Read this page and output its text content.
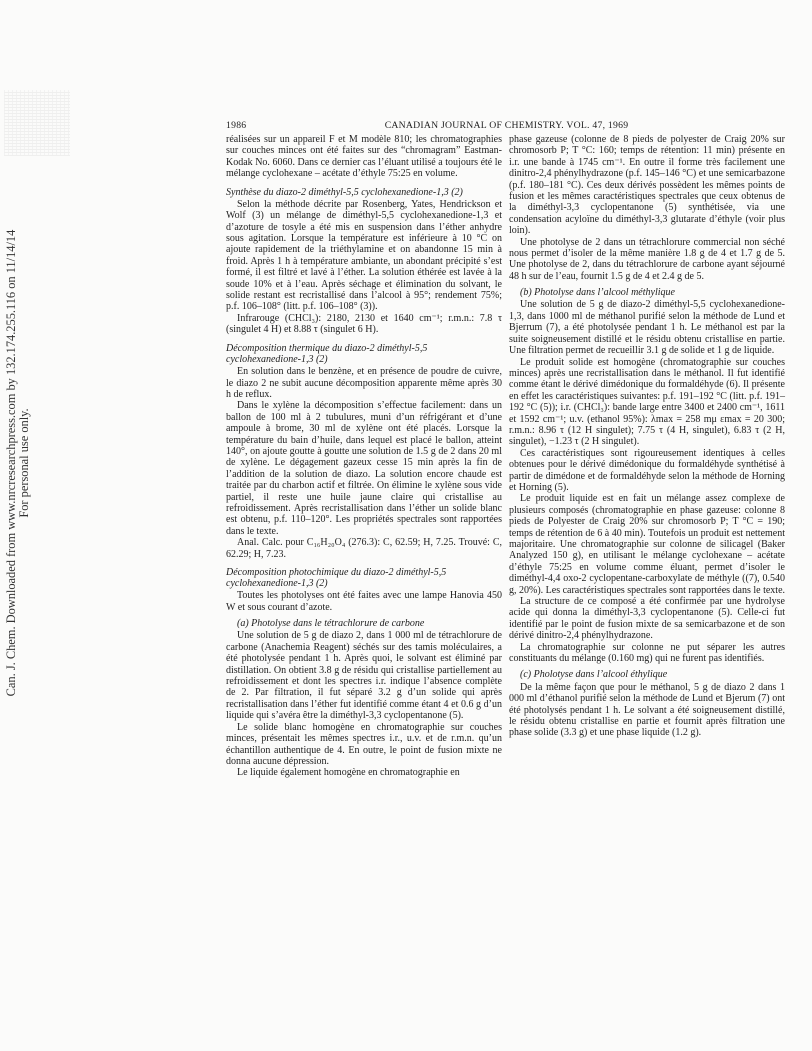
Can. J. Chem. Downloaded from www.nrcresearchpress.com by 132.174.255.116 on 11/14/14 For personal use only.
1986	CANADIAN JOURNAL OF CHEMISTRY. VOL. 47, 1969

réalisées sur un appareil F et M modèle 810; les chromatographies sur couches minces ont été faites sur des “chromagram” Eastman-Kodak No. 6060. Dans ce dernier cas l’éluant utilisé a toujours été le mélange cyclohexane – acétate d’éthyle 75:25 en volume.

Synthèse du diazo-2 diméthyl-5,5 cyclohexanedione-1,3 (2)

Selon la méthode décrite par Rosenberg, Yates, Hendrickson et Wolf (3) un mélange de diméthyl-5,5 cyclohexanedione-1,3 et d’azoture de tosyle a été mis en suspension dans l’éther anhydre sous agitation. Lorsque la température est inférieure à 10 °C on ajoute rapidement de la triéthylamine et on abandonne 15 min à froid. Après 1 h à température ambiante, un abondant précipité s’est formé, il est filtré et lavé à l’éther. La solution éthérée est lavée à la soude 10% et à l’eau. Après séchage et élimination du solvant, le solide restant est recristallisé dans l’alcool à 95°; rendement 75%; p.f. 106–108° (litt. p.f. 106–108° (3)).

Infrarouge (CHCl₃): 2180, 2130 et 1640 cm⁻¹; r.m.n.: 7.8 τ (singulet 4 H) et 8.88 τ (singulet 6 H).

Décomposition thermique du diazo-2 diméthyl-5,5 cyclohexanedione-1,3 (2)

En solution dans le benzène, et en présence de poudre de cuivre, le diazo 2 ne subit aucune décomposition apparente même après 30 h de reflux.

Dans le xylène la décomposition s’effectue facilement: dans un ballon de 100 ml à 2 tubulures, muni d’un réfrigérant et d’une ampoule à brome, 30 ml de xylène ont été placés. Lorsque la température du bain d’huile, dans lequel est placé le ballon, atteint 140°, on ajoute goutte à goutte une solution de 1.5 g de 2 dans 20 ml de xylène. Le dégagement gazeux cesse 15 min après la fin de l’addition de la solution de diazo. La solution encore chaude est traitée par du charbon actif et filtrée. On élimine le xylène sous vide partiel, il reste une huile jaune claire qui cristallise au refroidissement. Après recristallisation dans l’éther un solide blanc est obtenu, p.f. 110–120°. Les propriétés spectrales sont rapportées dans le texte.

Anal. Calc. pour C₁₆H₂₀O₄ (276.3): C, 62.59; H, 7.25. Trouvé: C, 62.29; H, 7.23.

Décomposition photochimique du diazo-2 diméthyl-5,5 cyclohexanedione-1,3 (2)

Toutes les photolyses ont été faites avec une lampe Hanovia 450 W et sous courant d’azote.

(a) Photolyse dans le tétrachlorure de carbone

Une solution de 5 g de diazo 2, dans 1 000 ml de tétrachlorure de carbone (Anachemia Reagent) séchés sur des tamis moléculaires, a été photolysée pendant 1 h. Après quoi, le solvant est éliminé par distillation. On obtient 3.8 g de résidu qui cristallise partiellement au refroidissement et dont les spectres i.r. indique l’absence complète de 2. Par filtration, il fut séparé 3.2 g d’un solide qui après recristallisation dans l’éther fut identifié comme étant 4 et 0.6 g d’un liquide qui s’avéra être la diméthyl-3,3 cyclopentanone (5).

Le solide blanc homogène en chromatographie sur couches minces, présentait les mêmes spectres i.r., u.v. et de r.m.n. qu’un échantillon authentique de 4. En outre, le point de fusion mixte ne donna aucune dépression.

Le liquide également homogène en chromatographie en

phase gazeuse (colonne de 8 pieds de polyester de Craig 20% sur chromosorb P; T °C: 160; temps de rétention: 11 min) présente en i.r. une bande à 1745 cm⁻¹. En outre il forme très facilement une dinitro-2,4 phénylhydrazone (p.f. 145–146 °C) et une semicarbazone (p.f. 180–181 °C). Ces deux dérivés possèdent les mêmes points de fusion et les mêmes caractéristiques spectrales que ceux obtenus de la diméthyl-3,3 cyclopentanone (5) synthétisée, via une condensation acyloïne du diméthyl-3,3 glutarate d’éthyle (voir plus loin).

Une photolyse de 2 dans un tétrachlorure commercial non séché nous permet d’isoler de la même manière 1.8 g de 4 et 1.7 g de 5. Une photolyse de 2, dans du tétrachlorure de carbone ayant séjourné 48 h sur de l’eau, fournit 1.5 g de 4 et 2.4 g de 5.

(b) Photolyse dans l’alcool méthylique

Une solution de 5 g de diazo-2 diméthyl-5,5 cyclohexanedione-1,3, dans 1000 ml de méthanol purifié selon la méthode de Lund et Bjerrum (7), a été photolysée pendant 1 h. Le méthanol est par la suite soigneusement distillé et le résidu obtenu cristallise en partie. Une filtration permet de recueillir 3.1 g de solide et 1 g de liquide.

Le produit solide est homogène (chromatographie sur couches minces) après une recristallisation dans le méthanol. Il fut identifié comme étant le dérivé dimédonique du formaldéhyde (6). Il présente en effet les caractéristiques suivantes: p.f. 191–192 °C (litt. p.f. 191–192 °C (5)); i.r. (CHCl₃): bande large entre 3400 et 2400 cm⁻¹, 1611 et 1592 cm⁻¹; u.v. (ethanol 95%): λmax = 258 mμ εmax = 20 300; r.m.n.: 8.96 τ (12 H singulet); 7.75 τ (4 H, singulet), 6.83 τ (2 H, singulet), −1.23 τ (2 H singulet).

Ces caractéristiques sont rigoureusement identiques à celles obtenues pour le dérivé dimédonique du formaldéhyde synthétisé à partir de dimédone et de formaldéhyde selon la méthode de Horning et Horning (5).

Le produit liquide est en fait un mélange assez complexe de plusieurs composés (chromatographie en phase gazeuse: colonne 8 pieds de Polyester de Craig 20% sur chromosorb P; T °C = 190; temps de rétention de 6 à 40 min). Toutefois un produit est nettement majoritaire. Une chromatographie sur colonne de silicagel (Baker Analyzed 150 g), en utilisant le mélange cyclohexane – acétate d’éthyle 75:25 en volume comme éluant, permet d’isoler le diméthyl-4,4 oxo-2 cyclopentane-carboxylate de méthyle ((7), 0.540 g, 20%). Les caractéristiques spectrales sont rapportées dans le texte.

La structure de ce composé a été confirmée par une hydrolyse acide qui donna la diméthyl-3,3 cyclopentanone (5). Celle-ci fut identifié par le point de fusion mixte de sa semicarbazone et de son dérivé dinitro-2,4 phénylhydrazone.

La chromatographie sur colonne ne put séparer les autres constituants du mélange (0.160 mg) qui ne furent pas identifiés.

(c) Pholotyse dans l’alcool éthylique

De la même façon que pour le méthanol, 5 g de diazo 2 dans 1 000 ml d’éthanol purifié selon la méthode de Lund et Bjerum (7) ont été photolysés pendant 1 h. Le solvant a été soigneusement distillé, le résidu obtenu cristallise en partie et fournit après filtration une phase solide (3.3 g) et une phase liquide (1.2 g).
